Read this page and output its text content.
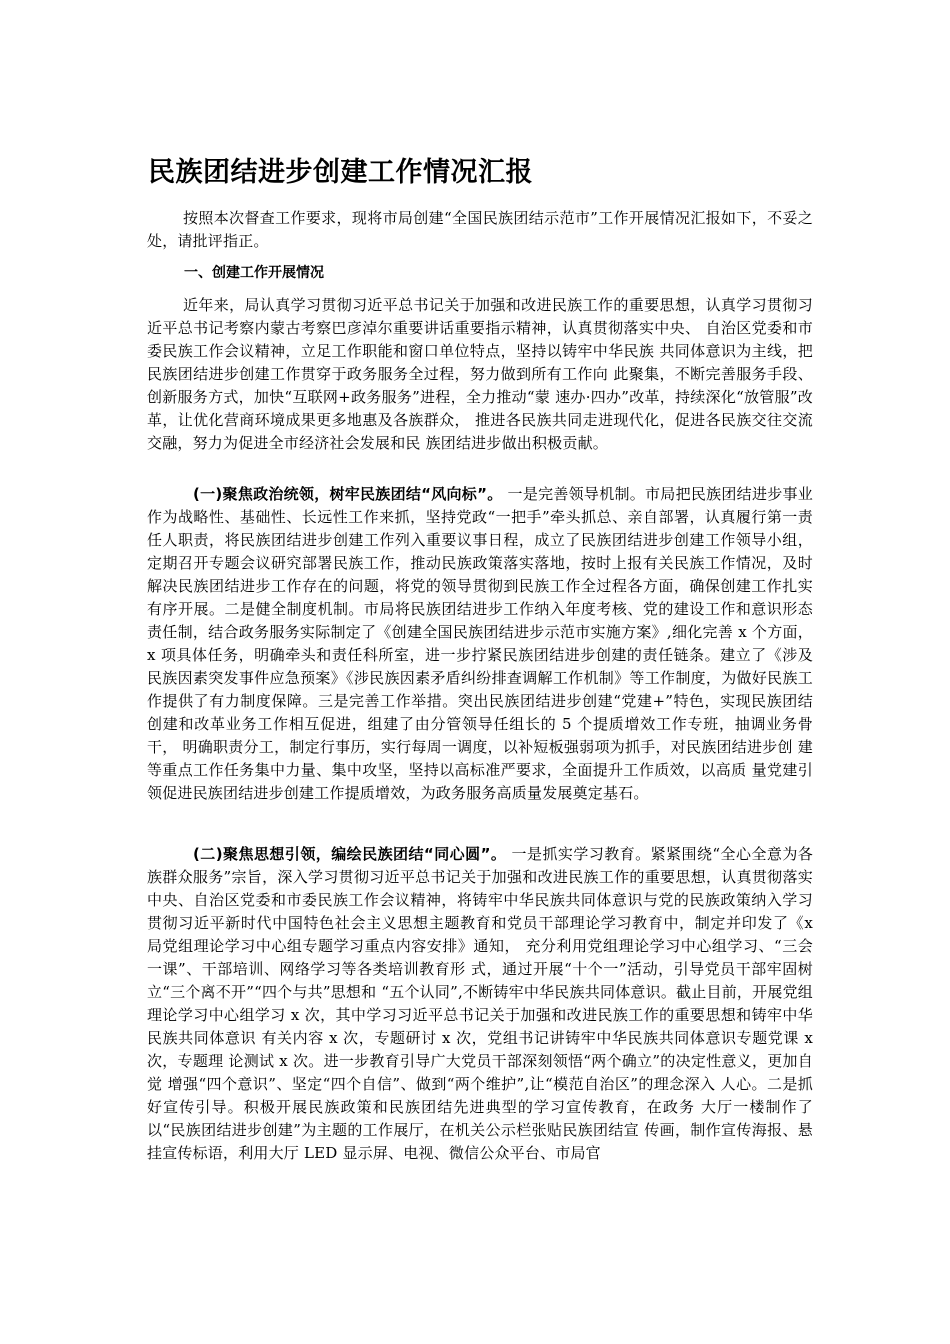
民族团结进步创建工作情况汇报

按照本次督查工作要求，现将市局创建“全国民族团结示范市”工作开展情况汇报如下，不妥之处，请批评指正。

一、创建工作开展情况

近年来，局认真学习贯彻习近平总书记关于加强和改进民族工作的重要思想，认真学习贯彻习近平总书记考察内蒙古考察巴彦淖尔重要讲话重要指示精神，认真贯彻落实中央、 自治区党委和市委民族工作会议精神，立足工作职能和窗口单位特点，坚持以铸牢中华民族 共同体意识为主线，把民族团结进步创建工作贯穿于政务服务全过程，努力做到所有工作向 此聚集，不断完善服务手段、创新服务方式，加快“互联网+政务服务”进程，全力推动“蒙 速办·四办”改革，持续深化“放管服”改革，让优化营商环境成果更多地惠及各族群众， 推进各民族共同走进现代化，促进各民族交往交流交融，努力为促进全市经济社会发展和民 族团结进步做出积极贡献。

(一)聚焦政治统领，树牢民族团结“风向标”。 一是完善领导机制。市局把民族团结进步事业作为战略性、基础性、长远性工作来抓，坚持党政“一把手”牵头抓总、亲自部署，认真履行第一责任人职责，将民族团结进步创建工作列入重要议事日程，成立了民族团结进步创建工作领导小组，定期召开专题会议研究部署民族工作，推动民族政策落实落地，按时上报有关民族工作情况，及时解决民族团结进步工作存在的问题，将党的领导贯彻到民族工作全过程各方面，确保创建工作扎实有序开展。二是健全制度机制。市局将民族团结进步工作纳入年度考核、党的建设工作和意识形态责任制，结合政务服务实际制定了《创建全国民族团结进步示范市实施方案》,细化完善 x 个方面， x 项具体任务，明确牵头和责任科所室，进一步拧紧民族团结进步创建的责任链条。建立了《涉及民族因素突发事件应急预案》《涉民族因素矛盾纠纷排查调解工作机制》等工作制度，为做好民族工作提供了有力制度保障。三是完善工作举措。突出民族团结进步创建“党建+”特色，实现民族团结创建和改革业务工作相互促进，组建了由分管领导任组长的 5 个提质增效工作专班，抽调业务骨干， 明确职责分工，制定行事历，实行每周一调度，以补短板强弱项为抓手，对民族团结进步创 建等重点工作任务集中力量、集中攻坚，坚持以高标准严要求，全面提升工作质效，以高质 量党建引领促进民族团结进步创建工作提质增效，为政务服务高质量发展奠定基石。

(二)聚焦思想引领，编绘民族团结“同心圆”。 一是抓实学习教育。紧紧围绕“全心全意为各族群众服务”宗旨，深入学习贯彻习近平总书记关于加强和改进民族工作的重要思想，认真贯彻落实中央、自治区党委和市委民族工作会议精神，将铸牢中华民族共同体意识与党的民族政策纳入学习贯彻习近平新时代中国特色社会主义思想主题教育和党员干部理论学习教育中，制定并印发了《x 局党组理论学习中心组专题学习重点内容安排》通知， 充分利用党组理论学习中心组学习、“三会一课”、干部培训、网络学习等各类培训教育形 式，通过开展“十个一”活动，引导党员干部牢固树立“三个离不开”“四个与共”思想和 “五个认同”,不断铸牢中华民族共同体意识。截止目前，开展党组理论学习中心组学习 x 次，其中学习习近平总书记关于加强和改进民族工作的重要思想和铸牢中华民族共同体意识 有关内容 x 次，专题研讨 x 次，党组书记讲铸牢中华民族共同体意识专题党课 x 次，专题理 论测试 x 次。进一步教育引导广大党员干部深刻领悟“两个确立”的决定性意义，更加自觉 增强“四个意识”、坚定“四个自信”、做到“两个维护”,让“模范自治区”的理念深入 人心。二是抓好宣传引导。积极开展民族政策和民族团结先进典型的学习宣传教育，在政务 大厅一楼制作了以“民族团结进步创建”为主题的工作展厅，在机关公示栏张贴民族团结宣 传画，制作宣传海报、悬挂宣传标语，利用大厅 LED 显示屏、电视、微信公众平台、市局官
